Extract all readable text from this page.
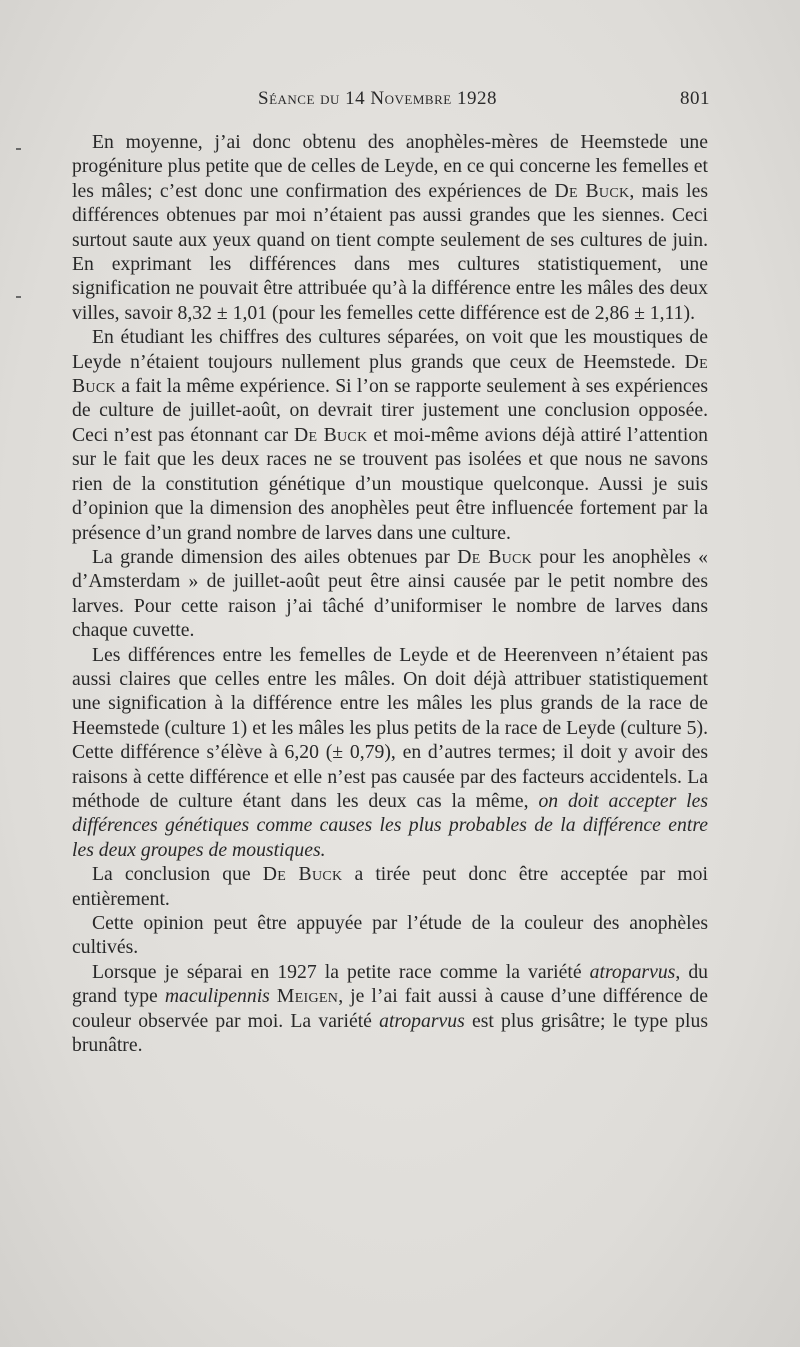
Séance du 14 Novembre 1928	801

En moyenne, j’ai donc obtenu des anophèles-mères de Heemstede une progéniture plus petite que de celles de Leyde, en ce qui concerne les femelles et les mâles; c’est donc une confirmation des expériences de De Buck, mais les différences obtenues par moi n’étaient pas aussi grandes que les siennes. Ceci surtout saute aux yeux quand on tient compte seulement de ses cultures de juin. En exprimant les différences dans mes cultures statistiquement, une signification ne pouvait être attribuée qu’à la différence entre les mâles des deux villes, savoir 8,32 ± 1,01 (pour les femelles cette différence est de 2,86 ± 1,11).

En étudiant les chiffres des cultures séparées, on voit que les moustiques de Leyde n’étaient toujours nullement plus grands que ceux de Heemstede. De Buck a fait la même expérience. Si l’on se rapporte seulement à ses expériences de culture de juillet-août, on devrait tirer justement une conclusion opposée. Ceci n’est pas étonnant car De Buck et moi-même avions déjà attiré l’attention sur le fait que les deux races ne se trouvent pas isolées et que nous ne savons rien de la constitution génétique d’un moustique quelconque. Aussi je suis d’opinion que la dimension des anophèles peut être influencée fortement par la présence d’un grand nombre de larves dans une culture.

La grande dimension des ailes obtenues par De Buck pour les anophèles « d’Amsterdam » de juillet-août peut être ainsi causée par le petit nombre des larves. Pour cette raison j’ai tâché d’uniformiser le nombre de larves dans chaque cuvette.

Les différences entre les femelles de Leyde et de Heerenveen n’étaient pas aussi claires que celles entre les mâles. On doit déjà attribuer statistiquement une signification à la différence entre les mâles les plus grands de la race de Heemstede (culture 1) et les mâles les plus petits de la race de Leyde (culture 5). Cette différence s’élève à 6,20 (± 0,79), en d’autres termes; il doit y avoir des raisons à cette différence et elle n’est pas causée par des facteurs accidentels. La méthode de culture étant dans les deux cas la même, on doit accepter les différences génétiques comme causes les plus probables de la différence entre les deux groupes de moustiques.

La conclusion que De Buck a tirée peut donc être acceptée par moi entièrement.

Cette opinion peut être appuyée par l’étude de la couleur des anophèles cultivés.

Lorsque je séparai en 1927 la petite race comme la variété atroparvus, du grand type maculipennis Meigen, je l’ai fait aussi à cause d’une différence de couleur observée par moi. La variété atroparvus est plus grisâtre; le type plus brunâtre.
